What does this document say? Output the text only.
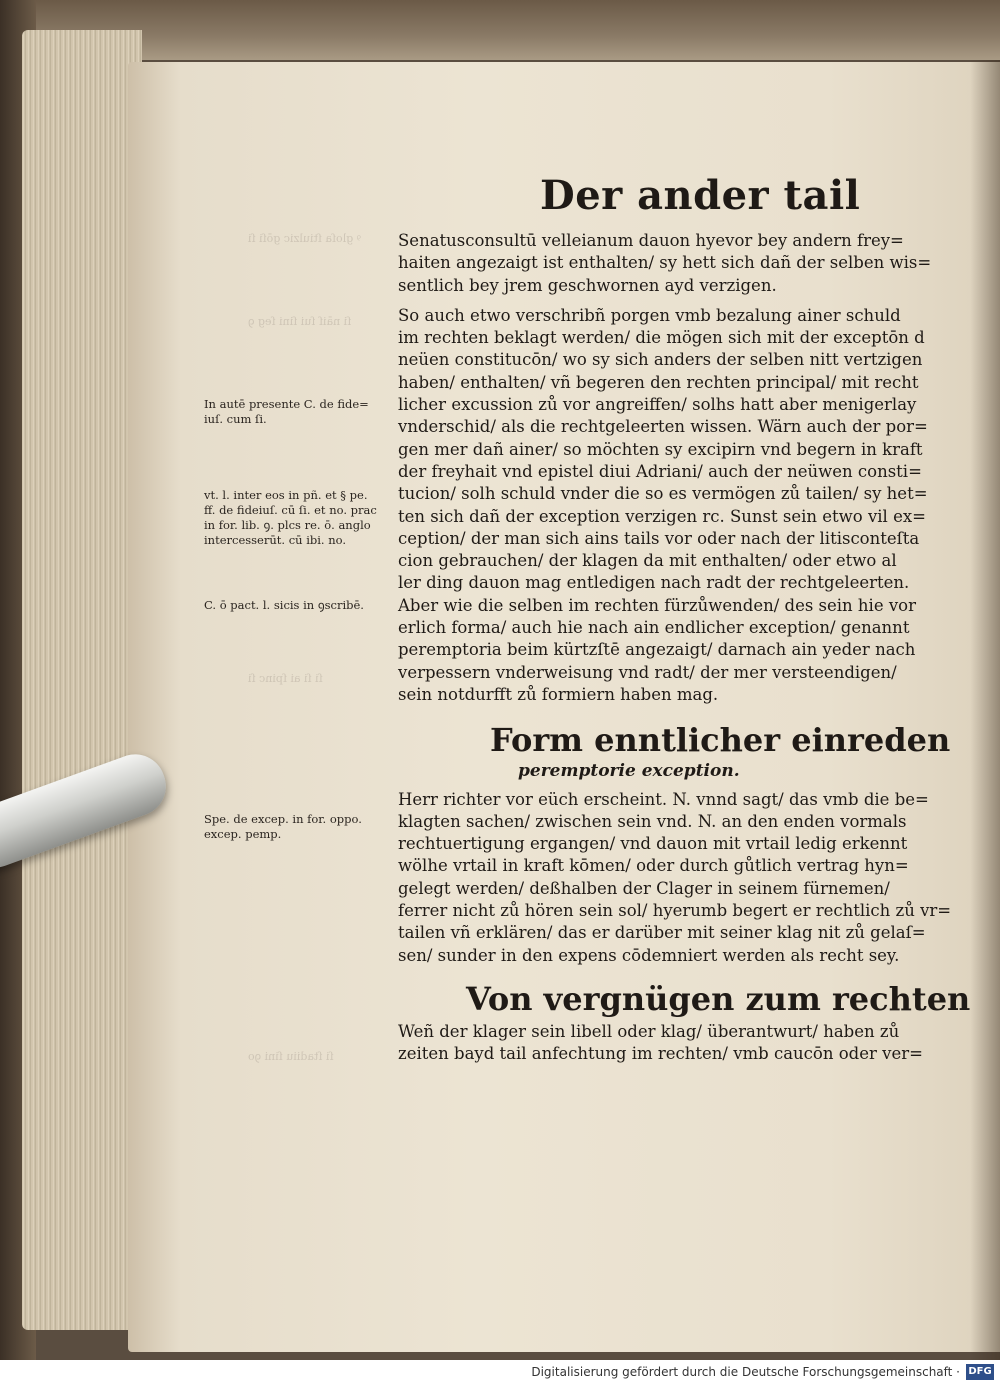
ꝰ gloſa ſtiulzic gōſi ſi
ſi nāiſ ſui ſini ſeg ꝯ
ſi ſi ai ſpinc ſi
ſi ſtadiiu ſini ꝯo
Der ander tail
Senatusconsultū velleianum dauon hyevor bey andern frey=
haiten angezaigt ist enthalten/ sy hett sich dañ der selben wis=
sentlich bey jrem geschwornen ayd verzigen.
So auch etwo verschribñ porgen vmb bezalung ainer schuld
im rechten beklagt werden/ die mögen sich mit der exceptōn d
neüen constitucōn/ wo sy sich anders der selben nitt vertzigen
haben/ enthalten/ vñ begeren den rechten principal/ mit recht
licher excussion zů vor angreiffen/ solhs hatt aber menigerlay
vnderschid/ als die rechtgeleerten wissen. Wärn auch der por=
gen mer dañ ainer/ so möchten sy excipirn vnd begern in kraft
der freyhait vnd epistel diui Adriani/ auch der neüwen consti=
tucion/ solh schuld vnder die so es vermögen zů tailen/ sy het=
ten sich dañ der exception verzigen rc. Sunst sein etwo vil ex=
ception/ der man sich ains tails vor oder nach der litisconteſta
cion gebrauchen/ der klagen da mit enthalten/ oder etwo al
ler ding dauon mag entledigen nach radt der rechtgeleerten.
Aber wie die selben im rechten fürzůwenden/ des sein hie vor
erlich forma/ auch hie nach ain endlicher exception/ genannt
peremptoria beim kürtzſtē angezaigt/ darnach ain yeder nach
verpessern vnderweisung vnd radt/ der mer versteendigen/
sein notdurfft zů formiern haben mag.
Form enntlicher einreden
peremptorie exception.
Herr richter vor eüch erscheint. N. vnnd sagt/ das vmb die be=
klagten sachen/ zwischen sein vnd. N. an den enden vormals
rechtuertigung ergangen/ vnd dauon mit vrtail ledig erkennt
wölhe vrtail in kraft kōmen/ oder durch gůtlich vertrag hyn=
gelegt werden/ deßhalben der Clager in seinem fürnemen/
ferrer nicht zů hören sein sol/ hyerumb begert er rechtlich zů vr=
tailen vñ erklären/ das er darüber mit seiner klag nit zů gelaſ=
sen/ sunder in den expens cōdemniert werden als recht sey.
Von vergnügen zum rechten
Weñ der klager sein libell oder klag/ überantwurt/ haben zů
zeiten bayd tail anfechtung im rechten/ vmb caucōn oder ver=
In autē presente C. de fide=
iuſ. cum ſi.
vt. l. inter eos in pñ. et § pe.
ff. de fideiuſ. cū ſi. et no. prac
in for. lib. ꝯ. plcs re. ō. anglo
intercesserūt. cū ibi. no.
C. ō pact. l. sicis in ꝯscribē.
Spe. de excep. in for. oppo.
excep. pemp.
Digitalisierung gefördert durch die Deutsche Forschungsgemeinschaft · DFG
